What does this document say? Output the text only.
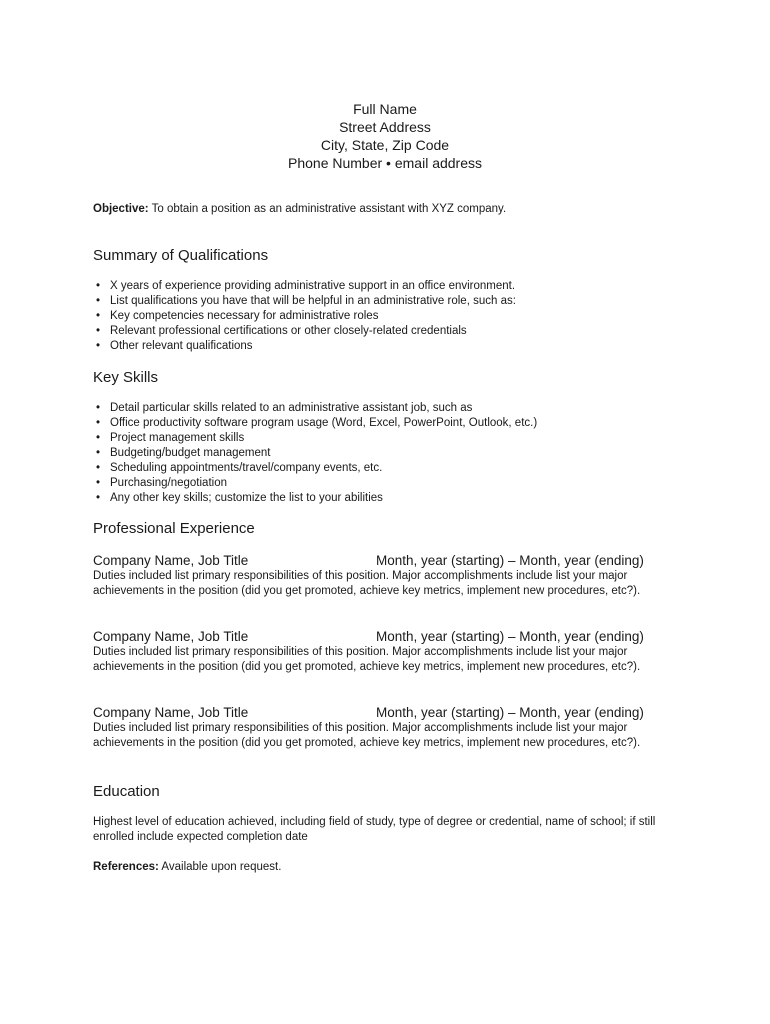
Full Name
Street Address
City, State, Zip Code
Phone Number • email address
Objective: To obtain a position as an administrative assistant with XYZ company.
Summary of Qualifications
• X years of experience providing administrative support in an office environment.
• List qualifications you have that will be helpful in an administrative role, such as:
• Key competencies necessary for administrative roles
• Relevant professional certifications or other closely-related credentials
• Other relevant qualifications
Key Skills
• Detail particular skills related to an administrative assistant job, such as
• Office productivity software program usage (Word, Excel, PowerPoint, Outlook, etc.)
• Project management skills
• Budgeting/budget management
• Scheduling appointments/travel/company events, etc.
• Purchasing/negotiation
• Any other key skills; customize the list to your abilities
Professional Experience
Company Name, Job Title	Month, year (starting) – Month, year (ending)
Duties included list primary responsibilities of this position. Major accomplishments include list your major achievements in the position (did you get promoted, achieve key metrics, implement new procedures, etc?).
Company Name, Job Title	Month, year (starting) – Month, year (ending)
Duties included list primary responsibilities of this position. Major accomplishments include list your major achievements in the position (did you get promoted, achieve key metrics, implement new procedures, etc?).
Company Name, Job Title	Month, year (starting) – Month, year (ending)
Duties included list primary responsibilities of this position. Major accomplishments include list your major achievements in the position (did you get promoted, achieve key metrics, implement new procedures, etc?).
Education
Highest level of education achieved, including field of study, type of degree or credential, name of school; if still enrolled include expected completion date
References: Available upon request.
